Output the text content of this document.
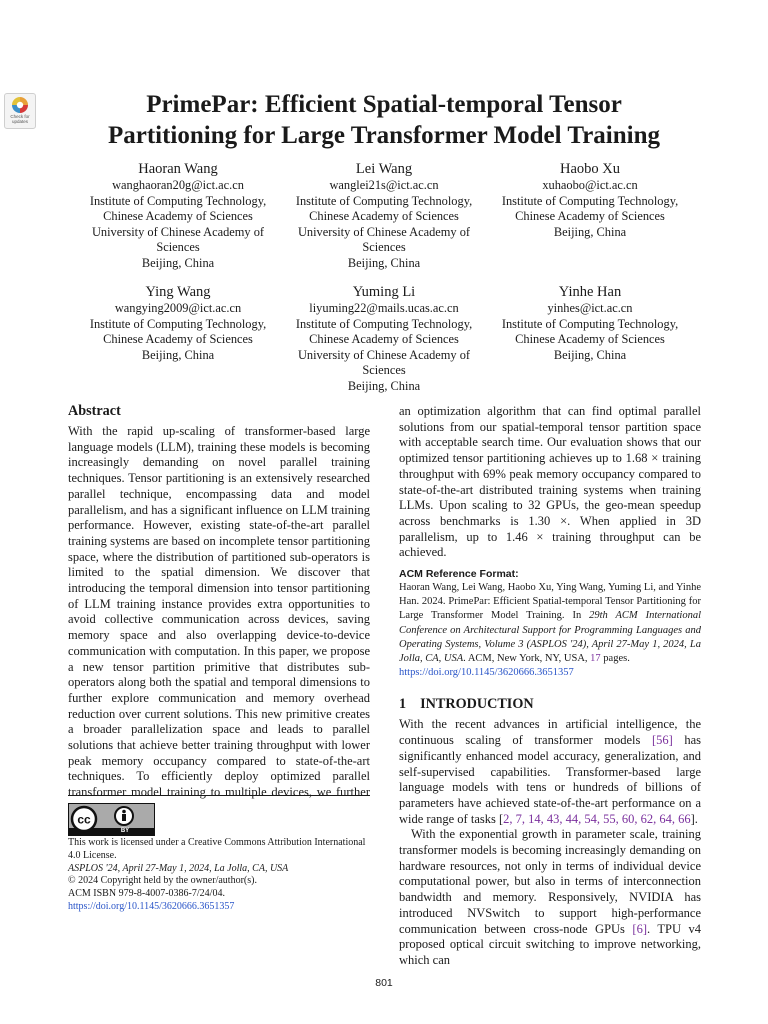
Check for
updates
PrimePar: Efficient Spatial-temporal Tensor
Partitioning for Large Transformer Model Training
Haoran Wang
wanghaoran20g@ict.ac.cn
Institute of Computing Technology,
Chinese Academy of Sciences
University of Chinese Academy of
Sciences
Beijing, China
Lei Wang
wanglei21s@ict.ac.cn
Institute of Computing Technology,
Chinese Academy of Sciences
University of Chinese Academy of
Sciences
Beijing, China
Haobo Xu
xuhaobo@ict.ac.cn
Institute of Computing Technology,
Chinese Academy of Sciences
Beijing, China
Ying Wang
wangying2009@ict.ac.cn
Institute of Computing Technology,
Chinese Academy of Sciences
Beijing, China
Yuming Li
liyuming22@mails.ucas.ac.cn
Institute of Computing Technology,
Chinese Academy of Sciences
University of Chinese Academy of
Sciences
Beijing, China
Yinhe Han
yinhes@ict.ac.cn
Institute of Computing Technology,
Chinese Academy of Sciences
Beijing, China
Abstract

With the rapid up-scaling of transformer-based large language models (LLM), training these models is becoming increasingly demanding on novel parallel training techniques. Tensor partitioning is an extensively researched parallel technique, encompassing data and model parallelism, and has a significant influence on LLM training performance. However, existing state-of-the-art parallel training systems are based on incomplete tensor partitioning space, where the distribution of partitioned sub-operators is limited to the spatial dimension. We discover that introducing the temporal dimension into tensor partitioning of LLM training instance provides extra opportunities to avoid collective communication across devices, saving memory space and also overlapping device-to-device communication with computation. In this paper, we propose a new tensor partition primitive that distributes sub-operators along both the spatial and temporal dimensions to further explore communication and memory overhead reduction over current solutions. This new primitive creates a broader parallelization space and leads to parallel solutions that achieve better training throughput with lower peak memory occupancy compared to state-of-the-art techniques. To efficiently deploy optimized parallel transformer model training to multiple devices, we further

cc
BY
This work is licensed under a Creative Commons Attribution International 4.0 License.
ASPLOS '24, April 27-May 1, 2024, La Jolla, CA, USA
© 2024 Copyright held by the owner/author(s).
ACM ISBN 979-8-4007-0386-7/24/04.
https://doi.org/10.1145/3620666.3651357

an optimization algorithm that can find optimal parallel solutions from our spatial-temporal tensor partition space with acceptable search time. Our evaluation shows that our optimized tensor partitioning achieves up to 1.68 × training throughput with 69% peak memory occupancy compared to state-of-the-art distributed training systems when training LLMs. Upon scaling to 32 GPUs, the geo-mean speedup across benchmarks is 1.30 ×. When applied in 3D parallelism, up to 1.46 × training throughput can be achieved.

ACM Reference Format:
Haoran Wang, Lei Wang, Haobo Xu, Ying Wang, Yuming Li, and Yinhe Han. 2024. PrimePar: Efficient Spatial-temporal Tensor Partitioning for Large Transformer Model Training. In 29th ACM International Conference on Architectural Support for Programming Languages and Operating Systems, Volume 3 (ASPLOS '24), April 27-May 1, 2024, La Jolla, CA, USA. ACM, New York, NY, USA, 17 pages.
https://doi.org/10.1145/3620666.3651357
1 INTRODUCTION

With the recent advances in artificial intelligence, the continuous scaling of transformer models [56] has significantly enhanced model accuracy, generalization, and self-supervised capabilities. Transformer-based large language models with tens or hundreds of billions of parameters have achieved state-of-the-art performance on a wide range of tasks [2, 7, 14, 43, 44, 54, 55, 60, 62, 64, 66].

With the exponential growth in parameter scale, training transformer models is becoming increasingly demanding on hardware resources, not only in terms of individual device computational power, but also in terms of interconnection bandwidth and memory. Responsively, NVIDIA has introduced NVSwitch to support high-performance communication between cross-node GPUs [6]. TPU v4 proposed optical circuit switching to improve networking, which can

801
